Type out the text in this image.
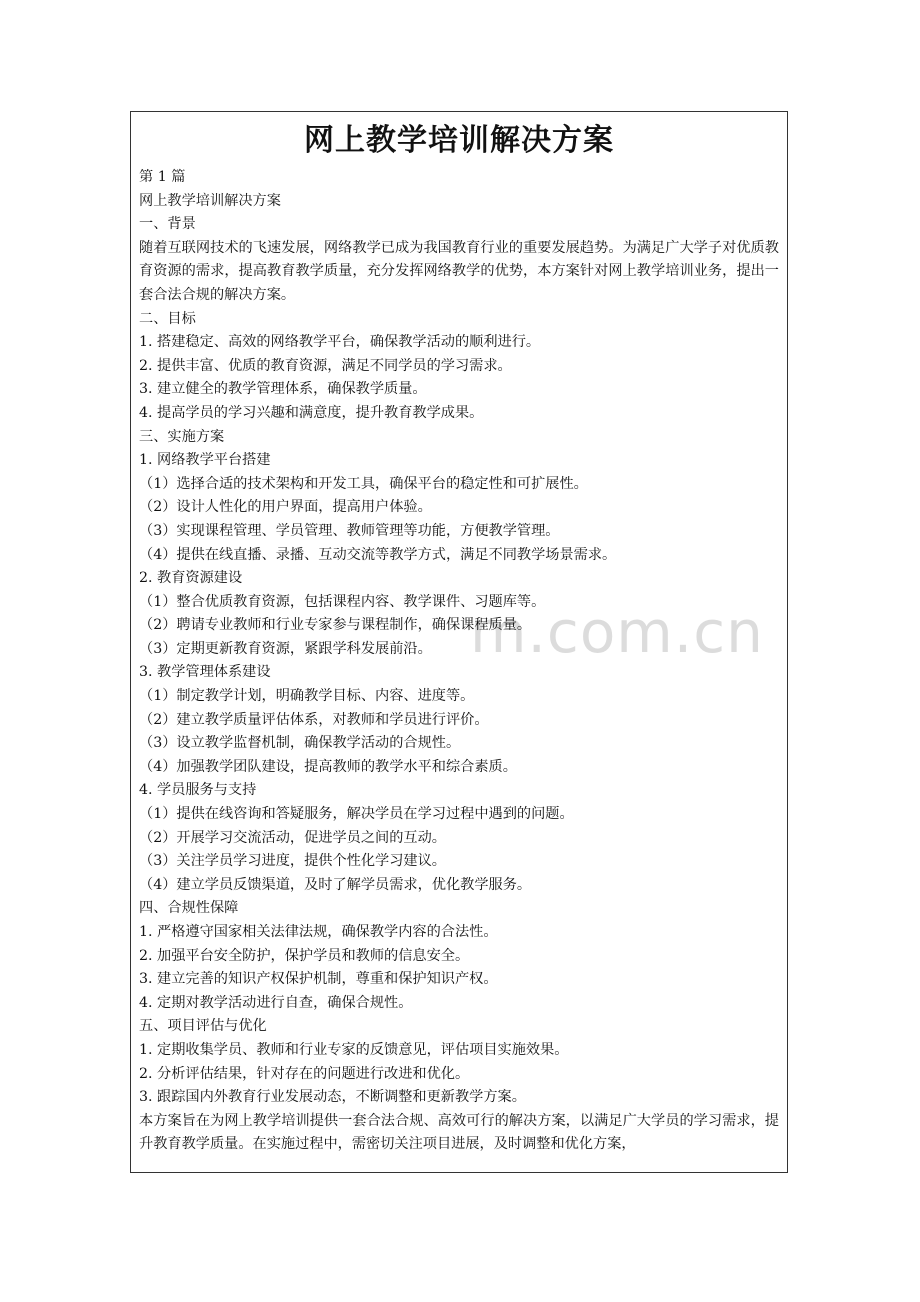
m.com.cn
网上教学培训解决方案
第 1 篇
网上教学培训解决方案
一、背景
随着互联网技术的飞速发展，网络教学已成为我国教育行业的重要发展趋势。为满足广大学子对优质教育资源的需求，提高教育教学质量，充分发挥网络教学的优势，本方案针对网上教学培训业务，提出一套合法合规的解决方案。
二、目标
1. 搭建稳定、高效的网络教学平台，确保教学活动的顺利进行。
2. 提供丰富、优质的教育资源，满足不同学员的学习需求。
3. 建立健全的教学管理体系，确保教学质量。
4. 提高学员的学习兴趣和满意度，提升教育教学成果。
三、实施方案
1. 网络教学平台搭建
（1）选择合适的技术架构和开发工具，确保平台的稳定性和可扩展性。
（2）设计人性化的用户界面，提高用户体验。
（3）实现课程管理、学员管理、教师管理等功能，方便教学管理。
（4）提供在线直播、录播、互动交流等教学方式，满足不同教学场景需求。
2. 教育资源建设
（1）整合优质教育资源，包括课程内容、教学课件、习题库等。
（2）聘请专业教师和行业专家参与课程制作，确保课程质量。
（3）定期更新教育资源，紧跟学科发展前沿。
3. 教学管理体系建设
（1）制定教学计划，明确教学目标、内容、进度等。
（2）建立教学质量评估体系，对教师和学员进行评价。
（3）设立教学监督机制，确保教学活动的合规性。
（4）加强教学团队建设，提高教师的教学水平和综合素质。
4. 学员服务与支持
（1）提供在线咨询和答疑服务，解决学员在学习过程中遇到的问题。
（2）开展学习交流活动，促进学员之间的互动。
（3）关注学员学习进度，提供个性化学习建议。
（4）建立学员反馈渠道，及时了解学员需求，优化教学服务。
四、合规性保障
1. 严格遵守国家相关法律法规，确保教学内容的合法性。
2. 加强平台安全防护，保护学员和教师的信息安全。
3. 建立完善的知识产权保护机制，尊重和保护知识产权。
4. 定期对教学活动进行自查，确保合规性。
五、项目评估与优化
1. 定期收集学员、教师和行业专家的反馈意见，评估项目实施效果。
2. 分析评估结果，针对存在的问题进行改进和优化。
3. 跟踪国内外教育行业发展动态，不断调整和更新教学方案。
本方案旨在为网上教学培训提供一套合法合规、高效可行的解决方案，以满足广大学员的学习需求，提升教育教学质量。在实施过程中，需密切关注项目进展，及时调整和优化方案，
